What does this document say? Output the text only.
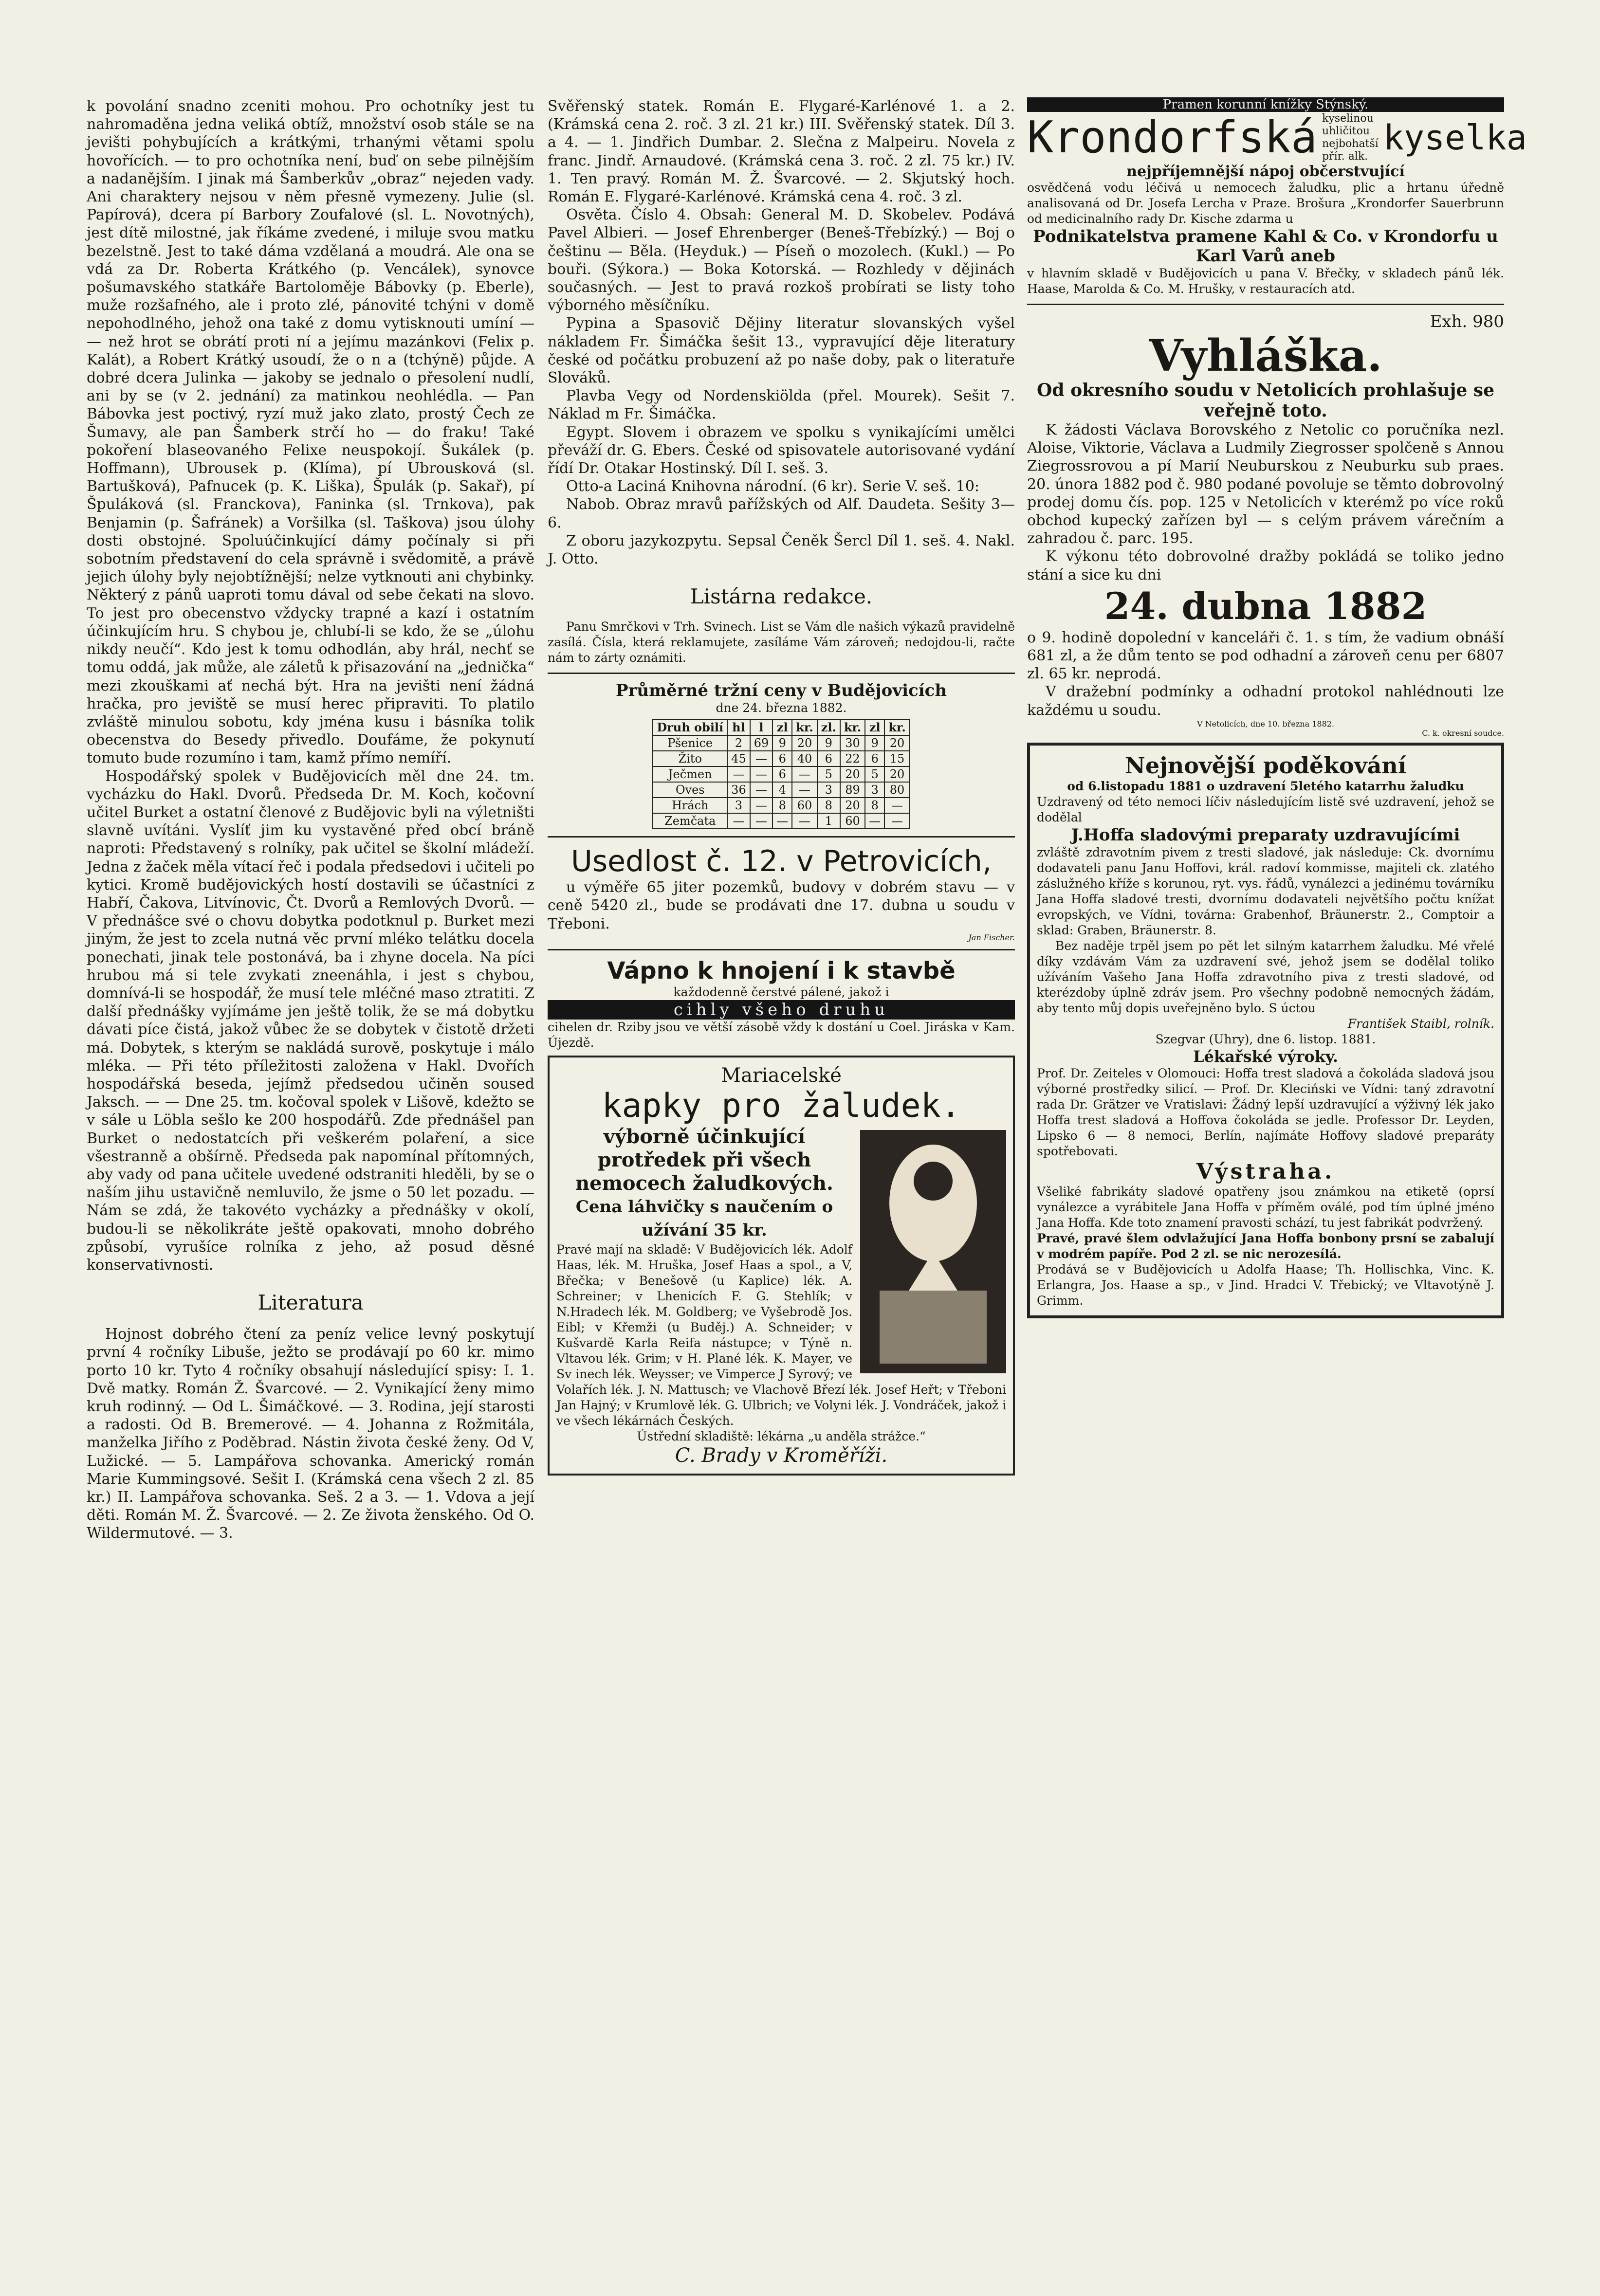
k povolání snadno zceniti mohou. Pro ochotníky jest tu nahromaděna jedna veliká obtíž, množství osob stále se na jevišti pohybujících a krátkými, trhanými větami spolu hovořících. — to pro ochotníka není, buď on sebe pilnějším a nadanějším. I jinak má Šamberkův „obraz“ nejeden vady. Ani charaktery nejsou v něm přesně vymezeny. Julie (sl. Papírová), dcera pí Barbory Zoufalové (sl. L. Novotných), jest dítě milostné, jak říkáme zvedené, i miluje svou matku bezelstně. Jest to také dáma vzdělaná a moudrá. Ale ona se vdá za Dr. Roberta Krátkého (p. Vencálek), synovce pošumavského statkáře Bartoloměje Bábovky (p. Eberle), muže rozšafného, ale i proto zlé, pánovité tchýni v domě nepohodlného, jehož ona také z domu vytisknouti umíní — — než hrot se obrátí proti ní a jejímu mazánkovi (Felix p. Kalát), a Robert Krátký usoudí, že o n a (tchýně) půjde. A dobré dcera Julinka — jakoby se jednalo o přesolení nudlí, ani by se (v 2. jednání) za matinkou neohlédla. — Pan Bábovka jest poctivý, ryzí muž jako zlato, prostý Čech ze Šumavy, ale pan Šamberk strčí ho — do fraku! Také pokoření blaseovaného Felixe neuspokojí. Šukálek (p. Hoffmann), Ubrousek p. (Klíma), pí Ubrousková (sl. Bartušková), Pafnucek (p. K. Liška), Špulák (p. Sakař), pí Špuláková (sl. Franckova), Faninka (sl. Trnkova), pak Benjamin (p. Šafránek) a Voršilka (sl. Taškova) jsou úlohy dosti obstojné. Spoluúčinkující dámy počínaly si při sobotním představení do cela správně i svědomitě, a právě jejich úlohy byly nejobtížnější; nelze vytknouti ani chybinky. Některý z pánů uaproti tomu dával od sebe čekati na slovo. To jest pro obecenstvo vždycky trapné a kazí i ostatním účinkujícím hru. S chybou je, chlubí-li se kdo, že se „úlohu nikdy neučí“. Kdo jest k tomu odhodlán, aby hrál, nechť se tomu oddá, jak může, ale záletů k přisazování na „jednička“ mezi zkouškami ať nechá být. Hra na jevišti není žádná hračka, pro jeviště se musí herec připraviti. To platilo zvláště minulou sobotu, kdy jména kusu i básníka tolik obecenstva do Besedy přivedlo. Doufáme, že pokynutí tomuto bude rozumíno i tam, kamž přímo nemíří.

Hospodářský spolek v Budějovicích měl dne 24. tm. vycházku do Hakl. Dvorů. Předseda Dr. M. Koch, kočovní učitel Burket a ostatní členové z Budějovic byli na výletništi slavně uvítáni. Vyslíť jim ku vystavěné před obcí bráně naproti: Představený s rolníky, pak učitel se školní mládeží. Jedna z žaček měla vítací řeč i podala předsedovi i učiteli po kytici. Kromě budějovických hostí dostavili se účastníci z Habří, Čakova, Litvínovic, Čt. Dvorů a Remlových Dvorů. — V přednášce své o chovu dobytka podotknul p. Burket mezi jiným, že jest to zcela nutná věc první mléko telátku docela ponechati, jinak tele postonává, ba i zhyne docela. Na píci hrubou má si tele zvykati zneenáhla, i jest s chybou, domnívá-li se hospodář, že musí tele mléčné maso ztratiti. Z další přednášky vyjímáme jen ještě tolik, že se má dobytku dávati píce čistá, jakož vůbec že se dobytek v čistotě držeti má. Dobytek, s kterým se nakládá surově, poskytuje i málo mléka. — Při této příležitosti založena v Hakl. Dvořích hospodářská beseda, jejímž předsedou učiněn soused Jaksch. — — Dne 25. tm. kočoval spolek v Lišově, kdežto se v sále u Löbla sešlo ke 200 hospodářů. Zde přednášel pan Burket o nedostatcích při veškerém polaření, a sice všestranně a obšírně. Předseda pak napomínal přítomných, aby vady od pana učitele uvedené odstraniti hleděli, by se o naším jihu ustavičně nemluvilo, že jsme o 50 let pozadu. — Nám se zdá, že takovéto vycházky a přednášky v okolí, budou-li se několikráte ještě opakovati, mnoho dobrého způsobí, vyrušíce rolníka z jeho, až posud děsné konservativnosti.

Literatura

Hojnost dobrého čtení za peníz velice levný poskytují první 4 ročníky Libuše, ježto se prodávají po 60 kr. mimo porto 10 kr. Tyto 4 ročníky obsahují následující spisy: I. 1. Dvě matky. Román Ž. Švarcové. — 2. Vynikající ženy mimo kruh rodinný. — Od L. Šimáčkové. — 3. Rodina, její starosti a radosti. Od B. Bremerové. — 4. Johanna z Rožmitála, manželka Jiřího z Poděbrad. Nástin života české ženy. Od V, Lužické. — 5. Lampářova schovanka. Americký román Marie Kummingsové. Sešit I. (Krámská cena všech 2 zl. 85 kr.) II. Lampářova schovanka. Seš. 2 a 3. — 1. Vdova a její děti. Román M. Ž. Švarcové. — 2. Ze života ženského. Od O. Wildermutové. — 3.

Svěřenský statek. Román E. Flygaré-Karlénové 1. a 2. (Krámská cena 2. roč. 3 zl. 21 kr.) III. Svěřenský statek. Díl 3. a 4. — 1. Jindřich Dumbar. 2. Slečna z Malpeiru. Novela z franc. Jindř. Arnaudové. (Krámská cena 3. roč. 2 zl. 75 kr.) IV. 1. Ten pravý. Román M. Ž. Švarcové. — 2. Skjutský hoch. Román E. Flygaré-Karlénové. Krámská cena 4. roč. 3 zl.

Osvěta. Číslo 4. Obsah: General M. D. Skobelev. Podává Pavel Albieri. — Josef Ehrenberger (Beneš-Třebízký.) — Boj o češtinu — Běla. (Heyduk.) — Píseň o mozolech. (Kukl.) — Po bouři. (Sýkora.) — Boka Kotorská. — Rozhledy v dějinách současných. — Jest to pravá rozkoš probírati se listy toho výborného měsíčníku.

Pypina a Spasovič Dějiny literatur slovanských vyšel nákladem Fr. Šimáčka šešit 13., vypravující děje literatury české od počátku probuzení až po naše doby, pak o literatuře Slováků.

Plavba Vegy od Nordenskiölda (přel. Mourek). Sešit 7. Náklad m Fr. Šimáčka.

Egypt. Slovem i obrazem ve spolku s vynikajícími umělci převáží dr. G. Ebers. České od spisovatele autorisované vydání řídí Dr. Otakar Hostinský. Díl I. seš. 3.

Otto-a Laciná Knihovna národní. (6 kr). Serie V. seš. 10:

Nabob. Obraz mravů pařížských od Alf. Daudeta. Sešity 3—6.

Z oboru jazykozpytu. Sepsal Čeněk Šercl Díl 1. seš. 4. Nakl. J. Otto.

Listárna redakce.

Panu Smrčkovi v Trh. Svinech. List se Vám dle našich výkazů pravidelně zasílá. Čísla, která reklamujete, zasíláme Vám zároveň; nedojdou-li, račte nám to zárty oznámiti.

Průměrné tržní ceny v Budějovicích
dne 24. března 1882.
Druh obilí	hl	l	zl	kr.	zl.	kr.	zl	kr.
Pšenice	2	69	9	20	9	30	9	20
Žito	45	—	6	40	6	22	6	15
Ječmen	—	—	6	—	5	20	5	20
Oves	36	—	4	—	3	89	3	80
Hrách	3	—	8	60	8	20	8	—
Zemčata	—	—	—	—	1	60	—	—
Usedlost č. 12. v Petrovicích,

u výměře 65 jiter pozemků, budovy v dobrém stavu — v ceně 5420 zl., bude se prodávati dne 17. dubna u soudu v Třeboni.

Jan Fischer.
Vápno k hnojení i k stavbě
každodenně čerstvé pálené, jakož i
cihly všeho druhu

cihelen dr. Rziby jsou ve větší zásobě vždy k dostání u Coel. Jiráska v Kam. Újezdě.

Mariacelské
kapky pro žaludek.
výborně účinkující protředek při všech nemocech žaludkových.
Cena láhvičky s naučením o užívání 35 kr.

Pravé mají na skladě: V Budějovicích lék. Adolf Haas, lék. M. Hruška, Josef Haas a spol., a V, Břečka; v Benešově (u Kaplice) lék. A. Schreiner; v Lhenicích F. G. Stehlík; v N.Hradech lék. M. Goldberg; ve Vyšebrodě Jos. Eibl; v Křemži (u Buděj.) A. Schneider; v Kušvardě Karla Reifa nástupce; v Týně n. Vltavou lék. Grim; v H. Plané lék. K. Mayer, ve Sv inech lék. Weysser; ve Vimperce J Syrový; ve Volařích lék. J. N. Mattusch; ve Vlachově Březí lék. Josef Heřt; v Třeboni Jan Hajný; v Krumlově lék. G. Ulbrich; ve Volyni lék. J. Vondráček, jakož i ve všech lékárnách Českých.

Ústřední skladiště: lékárna „u anděla strážce.“
C. Brady v Kroměříži.
Pramen korunní knížky Stýnský.
Krondorfská kyselinou uhličitou nejbohatší přír. alk. kyselka
nejpříjemnější nápoj občerstvující

osvědčená vodu léčivá u nemocech žaludku, plic a hrtanu úředně analisovaná od Dr. Josefa Lercha v Praze. Brošura „Krondorfer Sauerbrunn od medicinalního rady Dr. Kische zdarma u

Podnikatelstva pramene Kahl & Co. v Krondorfu u Karl Varů aneb

v hlavním skladě v Budějovicích u pana V. Břečky, v skladech pánů lék. Haase, Marolda & Co. M. Hrušky, v restauracích atd.

Exh. 980
Vyhláška.
Od okresního soudu v Netolicích prohlašuje se veřejně toto.

K žádosti Václava Borovského z Netolic co poručníka nezl. Aloise, Viktorie, Václava a Ludmily Ziegrosser spolčeně s Annou Ziegrossrovou a pí Marií Neuburskou z Neuburku sub praes. 20. února 1882 pod č. 980 podané povoluje se těmto dobrovolný prodej domu čís. pop. 125 v Netolicích v kterémž po více roků obchod kupecký zařízen byl — s celým právem várečním a zahradou č. parc. 195.

K výkonu této dobrovolné dražby pokládá se toliko jedno stání a sice ku dni

24. dubna 1882

o 9. hodině dopolední v kanceláři č. 1. s tím, že vadium obnáší 681 zl, a že dům tento se pod odhadní a zároveň cenu per 6807 zl. 65 kr. neprodá.

V dražební podmínky a odhadní protokol nahlédnouti lze každému u soudu.

V Netolicích, dne 10. března 1882.
C. k. okresní soudce.
Nejnovější poděkování
od 6.listopadu 1881 o uzdravení 5letého katarrhu žaludku

Uzdravený od této nemoci líčiv následujícím listě své uzdravení, jehož se dodělal

J.Hoffa sladovými preparaty uzdravujícími

zvláště zdravotním pivem z tresti sladové, jak následuje: Ck. dvornímu dodavateli panu Janu Hoffovi, král. radoví kommisse, majiteli ck. zlatého záslužného kříže s korunou, ryt. vys. řádů, vynálezci a jedinému továrníku Jana Hoffa sladové tresti, dvornímu dodavateli největšího počtu knížat evropských, ve Vídni, továrna: Grabenhof, Bräunerstr. 2., Comptoir a sklad: Graben, Bräunerstr. 8.

Bez naděje trpěl jsem po pět let silným katarrhem žaludku. Mé vřelé díky vzdávám Vám za uzdravení své, jehož jsem se dodělal toliko užíváním Vašeho Jana Hoffa zdravotního piva z tresti sladové, od kterézdoby úplně zdráv jsem. Pro všechny podobně nemocných žádám, aby tento můj dopis uveřejněno bylo. S úctou

František Staibl, rolník.
Szegvar (Uhry), dne 6. listop. 1881.
Lékařské výroky.

Prof. Dr. Zeiteles v Olomouci: Hoffa trest sladová a čokoláda sladová jsou výborné prostředky silicí. — Prof. Dr. Kleciński ve Vídni: taný zdravotní rada Dr. Grätzer ve Vratislavi: Žádný lepší uzdravující a výživný lék jako Hoffa trest sladová a Hoffova čokoláda se jedle. Professor Dr. Leyden, Lipsko 6 — 8 nemoci, Berlín, najímáte Hoffovy sladové preparáty spotřebovati.

Výstraha.

Všeliké fabrikáty sladové opatřeny jsou známkou na etiketě (oprsí vynálezce a vyrábitele Jana Hoffa v příměm oválé, pod tím úplné jméno Jana Hoffa. Kde toto znamení pravosti schází, tu jest fabrikát podvržený.

Pravé, pravé šlem odvlažující Jana Hoffa bonbony prsní se zabalují v modrém papíře. Pod 2 zl. se nic nerozesílá.

Prodává se v Budějovicích u Adolfa Haase; Th. Hollischka, Vinc. K. Erlangra, Jos. Haase a sp., v Jind. Hradci V. Třebický; ve Vltavotýně J. Grimm.
